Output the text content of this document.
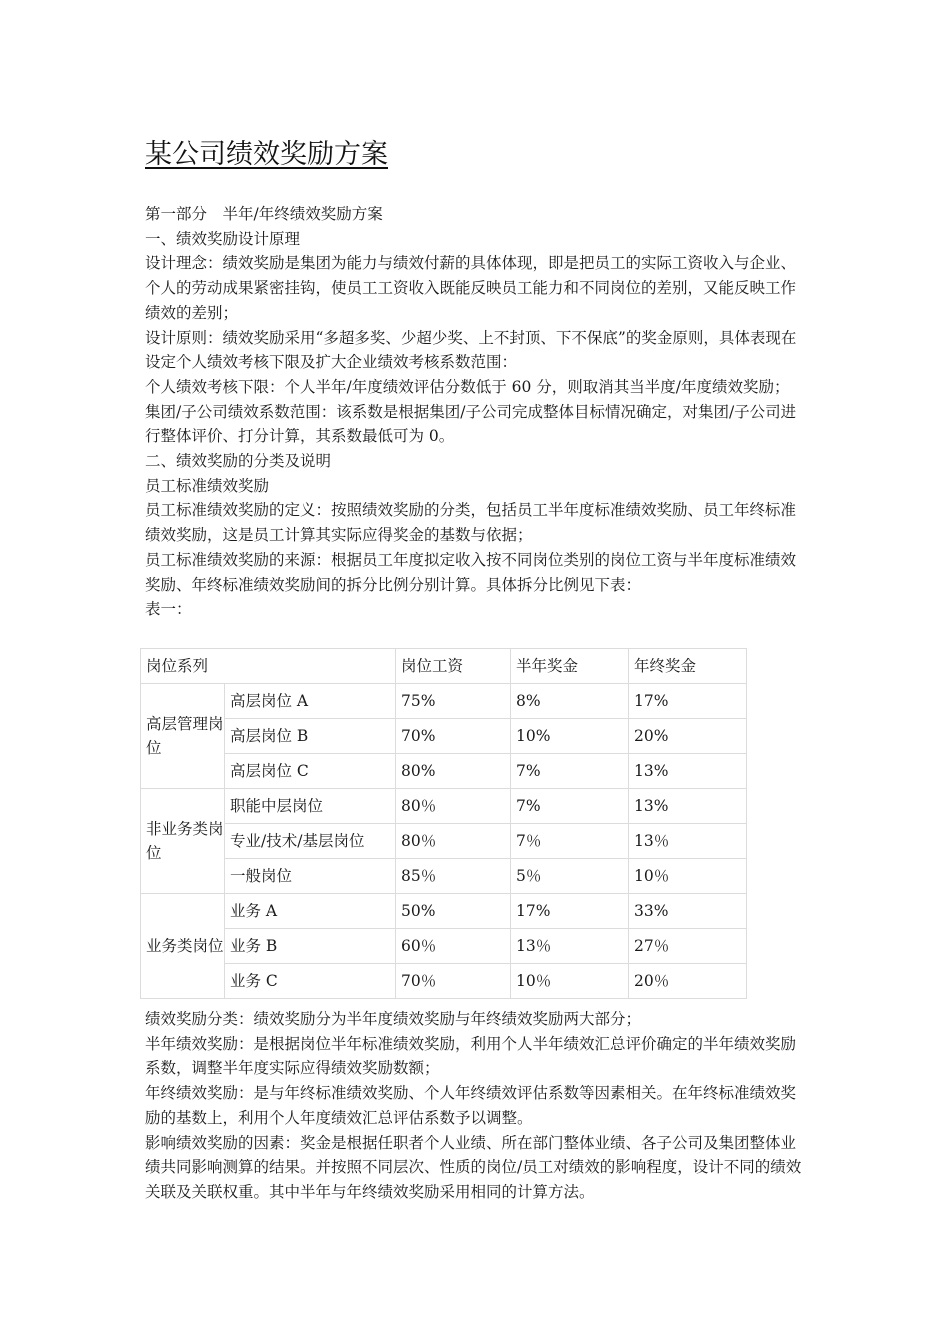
某公司绩效奖励方案

第一部分　半年/年终绩效奖励方案

一、绩效奖励设计原理

设计理念：绩效奖励是集团为能力与绩效付薪的具体体现，即是把员工的实际工资收入与企业、个人的劳动成果紧密挂钩，使员工工资收入既能反映员工能力和不同岗位的差别，又能反映工作绩效的差别；

设计原则：绩效奖励采用“多超多奖、少超少奖、上不封顶、下不保底”的奖金原则，具体表现在设定个人绩效考核下限及扩大企业绩效考核系数范围：

个人绩效考核下限：个人半年/年度绩效评估分数低于 60 分，则取消其当半度/年度绩效奖励；

集团/子公司绩效系数范围：该系数是根据集团/子公司完成整体目标情况确定，对集团/子公司进行整体评价、打分计算，其系数最低可为 0。

二、绩效奖励的分类及说明

员工标准绩效奖励

员工标准绩效奖励的定义：按照绩效奖励的分类，包括员工半年度标准绩效奖励、员工年终标准绩效奖励，这是员工计算其实际应得奖金的基数与依据；

员工标准绩效奖励的来源：根据员工年度拟定收入按不同岗位类别的岗位工资与半年度标准绩效奖励、年终标准绩效奖励间的拆分比例分别计算。具体拆分比例见下表：

表一：

岗位系列		岗位工资	半年奖金	年终奖金
高层管理岗位	高层岗位 A	75%	8%	17%
	高层岗位 B	70%	10%	20%
	高层岗位 C	80%	7%	13%
非业务类岗位	职能中层岗位	80％	7%	13%
	专业/技术/基层岗位	80％	7％	13％
	一般岗位	85％	5％	10％
业务类岗位	业务 A	50%	17%	33%
	业务 B	60％	13％	27％
	业务 C	70％	10％	20％

绩效奖励分类：绩效奖励分为半年度绩效奖励与年终绩效奖励两大部分；

半年绩效奖励：是根据岗位半年标准绩效奖励，利用个人半年绩效汇总评价确定的半年绩效奖励系数，调整半年度实际应得绩效奖励数额；

年终绩效奖励：是与年终标准绩效奖励、个人年终绩效评估系数等因素相关。在年终标准绩效奖励的基数上，利用个人年度绩效汇总评估系数予以调整。

影响绩效奖励的因素：奖金是根据任职者个人业绩、所在部门整体业绩、各子公司及集团整体业绩共同影响测算的结果。并按照不同层次、性质的岗位/员工对绩效的影响程度，设计不同的绩效关联及关联权重。其中半年与年终绩效奖励采用相同的计算方法。
